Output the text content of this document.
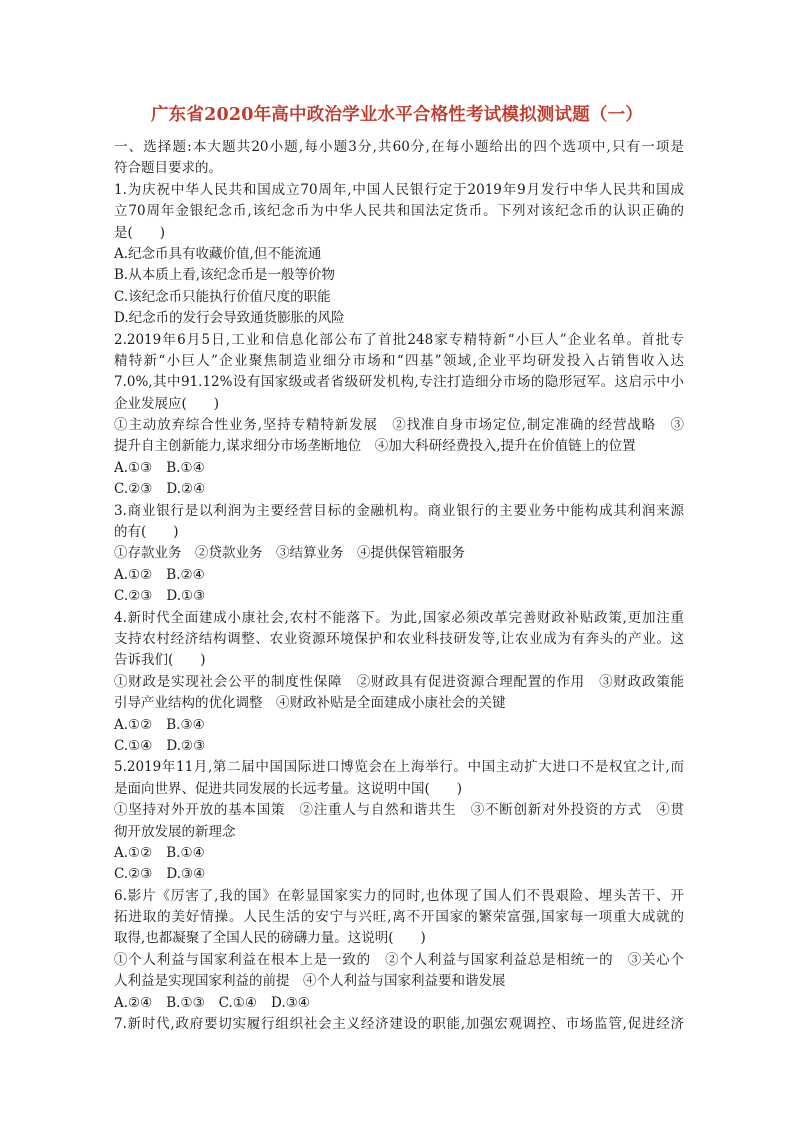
广东省2020年高中政治学业水平合格性考试模拟测试题（一）
一、选择题:本大题共20小题,每小题3分,共60分,在每小题给出的四个选项中,只有一项是
符合题目要求的。
1.为庆祝中华人民共和国成立70周年,中国人民银行定于2019年9月发行中华人民共和国成
立70周年金银纪念币,该纪念币为中华人民共和国法定货币。下列对该纪念币的认识正确的
是(　　)
A.纪念币具有收藏价值,但不能流通
B.从本质上看,该纪念币是一般等价物
C.该纪念币只能执行价值尺度的职能
D.纪念币的发行会导致通货膨胀的风险
2.2019年6月5日,工业和信息化部公布了首批248家专精特新“小巨人”企业名单。首批专
精特新“小巨人”企业聚焦制造业细分市场和“四基”领域,企业平均研发投入占销售收入达
7.0%,其中91.12%设有国家级或者省级研发机构,专注打造细分市场的隐形冠军。这启示中小
企业发展应(　　)
①主动放弃综合性业务,坚持专精特新发展　②找准自身市场定位,制定准确的经营战略　③
提升自主创新能力,谋求细分市场垄断地位　④加大科研经费投入,提升在价值链上的位置
A.①③ B.①④
C.②③ D.②④
3.商业银行是以利润为主要经营目标的金融机构。商业银行的主要业务中能构成其利润来源
的有(　　)
①存款业务　②贷款业务　③结算业务　④提供保管箱服务
A.①② B.②④
C.②③ D.①③
4.新时代全面建成小康社会,农村不能落下。为此,国家必须改革完善财政补贴政策,更加注重
支持农村经济结构调整、农业资源环境保护和农业科技研发等,让农业成为有奔头的产业。这
告诉我们(　　)
①财政是实现社会公平的制度性保障　②财政具有促进资源合理配置的作用　③财政政策能
引导产业结构的优化调整　④财政补贴是全面建成小康社会的关键
A.①② B.③④
C.①④ D.②③
5.2019年11月,第二届中国国际进口博览会在上海举行。中国主动扩大进口不是权宜之计,而
是面向世界、促进共同发展的长远考量。这说明中国(　　)
①坚持对外开放的基本国策　②注重人与自然和谐共生　③不断创新对外投资的方式　④贯
彻开放发展的新理念
A.①② B.①④
C.②③ D.③④
6.影片《厉害了,我的国》在彰显国家实力的同时,也体现了国人们不畏艰险、埋头苦干、开
拓进取的美好情操。人民生活的安宁与兴旺,离不开国家的繁荣富强,国家每一项重大成就的
取得,也都凝聚了全国人民的磅礴力量。这说明(　　)
①个人利益与国家利益在根本上是一致的　②个人利益与国家利益总是相统一的　③关心个
人利益是实现国家利益的前提　④个人利益与国家利益要和谐发展
A.②④ B.①③ C.①④ D.③④
7.新时代,政府要切实履行组织社会主义经济建设的职能,加强宏观调控、市场监管,促进经济
